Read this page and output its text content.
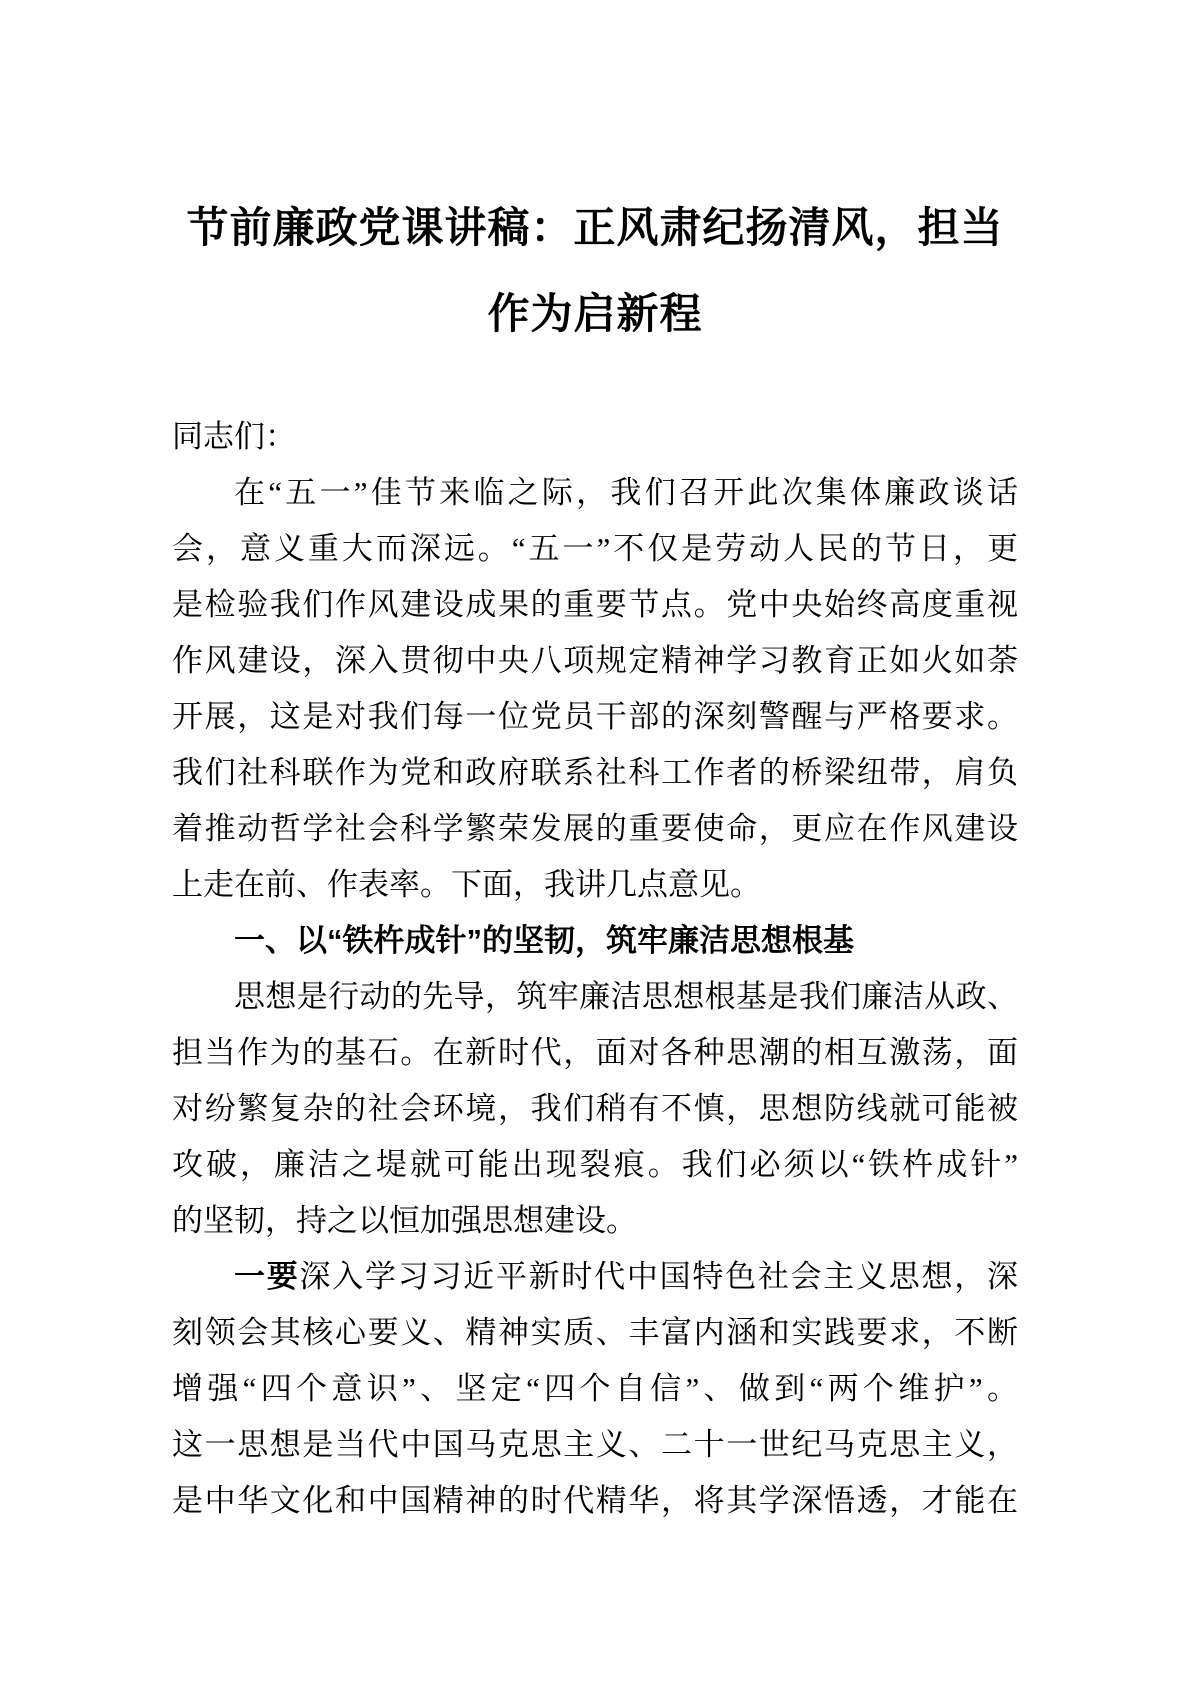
节前廉政党课讲稿：正风肃纪扬清风，担当
作为启新程
同志们：
在“五一”佳节来临之际，我们召开此次集体廉政谈话
会，意义重大而深远。“五一”不仅是劳动人民的节日，更
是检验我们作风建设成果的重要节点。党中央始终高度重视
作风建设，深入贯彻中央八项规定精神学习教育正如火如荼
开展，这是对我们每一位党员干部的深刻警醒与严格要求。
我们社科联作为党和政府联系社科工作者的桥梁纽带，肩负
着推动哲学社会科学繁荣发展的重要使命，更应在作风建设
上走在前、作表率。下面，我讲几点意见。
一、以“铁杵成针”的坚韧，筑牢廉洁思想根基
思想是行动的先导，筑牢廉洁思想根基是我们廉洁从政、
担当作为的基石。在新时代，面对各种思潮的相互激荡，面
对纷繁复杂的社会环境，我们稍有不慎，思想防线就可能被
攻破，廉洁之堤就可能出现裂痕。我们必须以“铁杵成针”
的坚韧，持之以恒加强思想建设。
一要深入学习习近平新时代中国特色社会主义思想，深
刻领会其核心要义、精神实质、丰富内涵和实践要求，不断
增强“四个意识”、坚定“四个自信”、做到“两个维护”。
这一思想是当代中国马克思主义、二十一世纪马克思主义，
是中华文化和中国精神的时代精华，将其学深悟透，才能在
